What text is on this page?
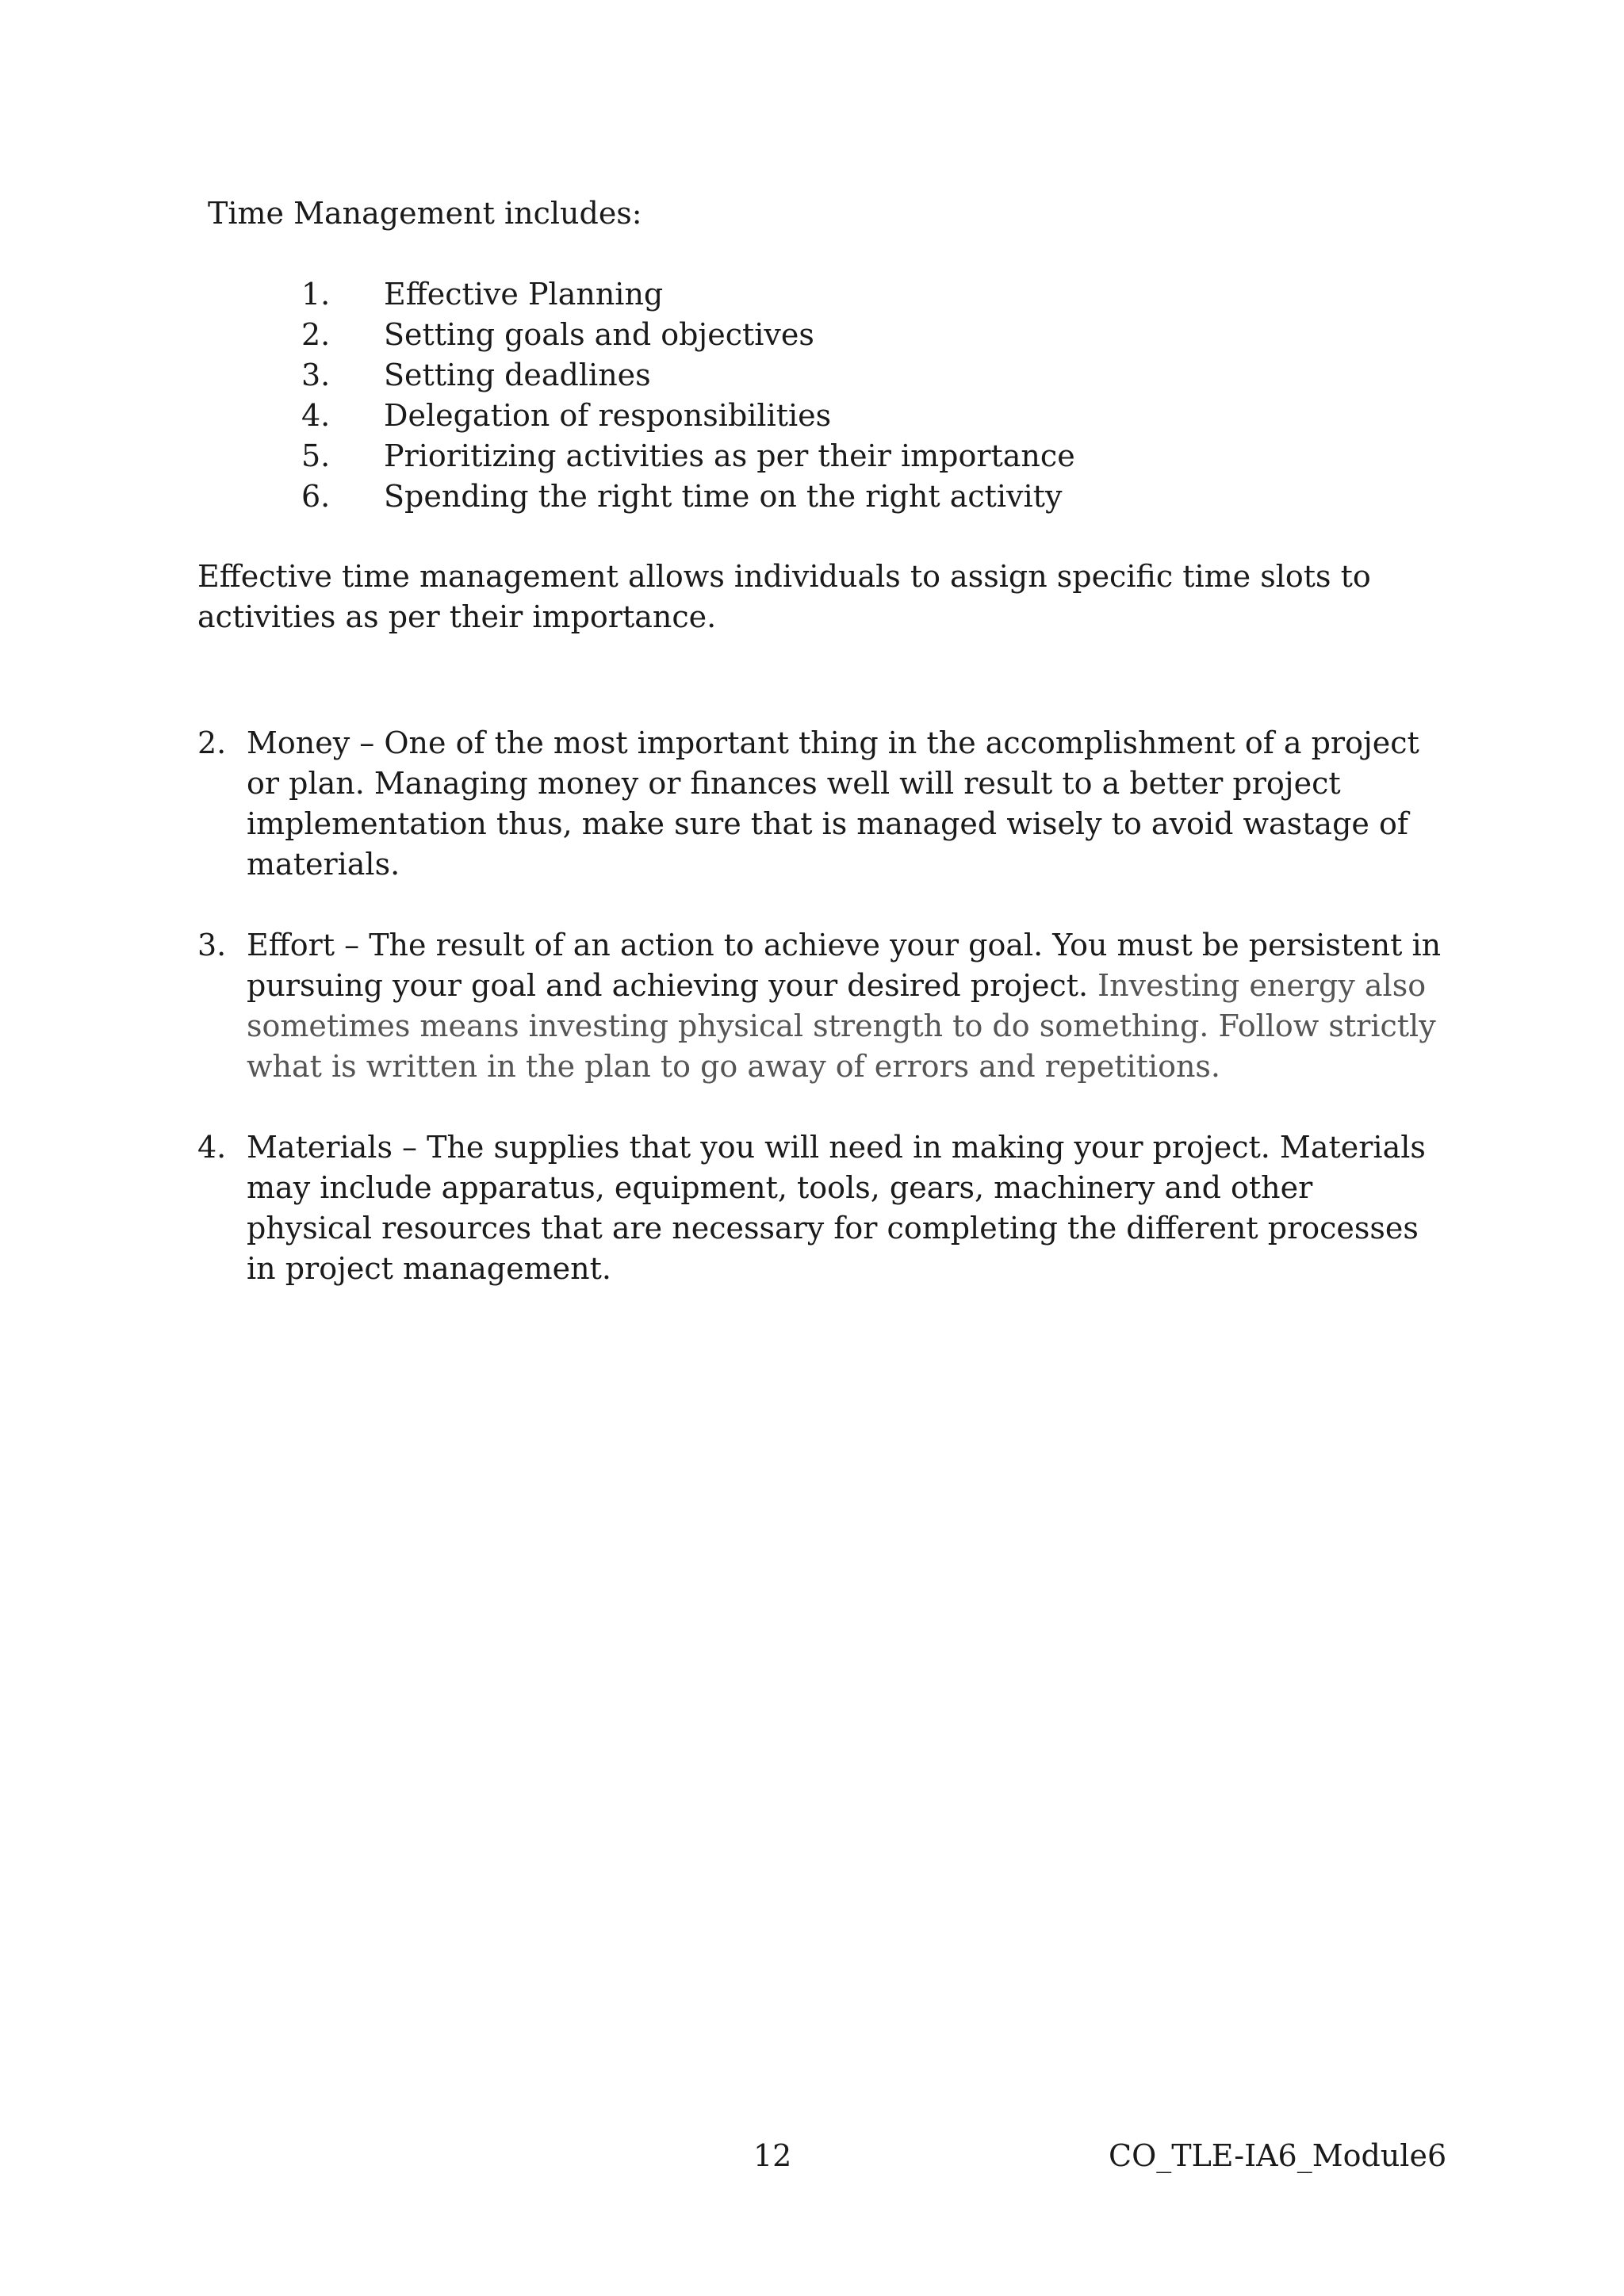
Time Management includes:

1.	Effective Planning
2.	Setting goals and objectives
3.	Setting deadlines
4.	Delegation of responsibilities
5.	Prioritizing activities as per their importance
6.	Spending the right time on the right activity

Effective time management allows individuals to assign specific time slots to activities as per their importance.

2. Money – One of the most important thing in the accomplishment of a project or plan. Managing money or finances well will result to a better project implementation thus, make sure that is managed wisely to avoid wastage of materials.
3. Effort – The result of an action to achieve your goal. You must be persistent in pursuing your goal and achieving your desired project. Investing energy also sometimes means investing physical strength to do something. Follow strictly what is written in the plan to go away of errors and repetitions.
4. Materials – The supplies that you will need in making your project. Materials may include apparatus, equipment, tools, gears, machinery and other physical resources that are necessary for completing the different processes in project management.
12	CO_TLE-IA6_Module6
